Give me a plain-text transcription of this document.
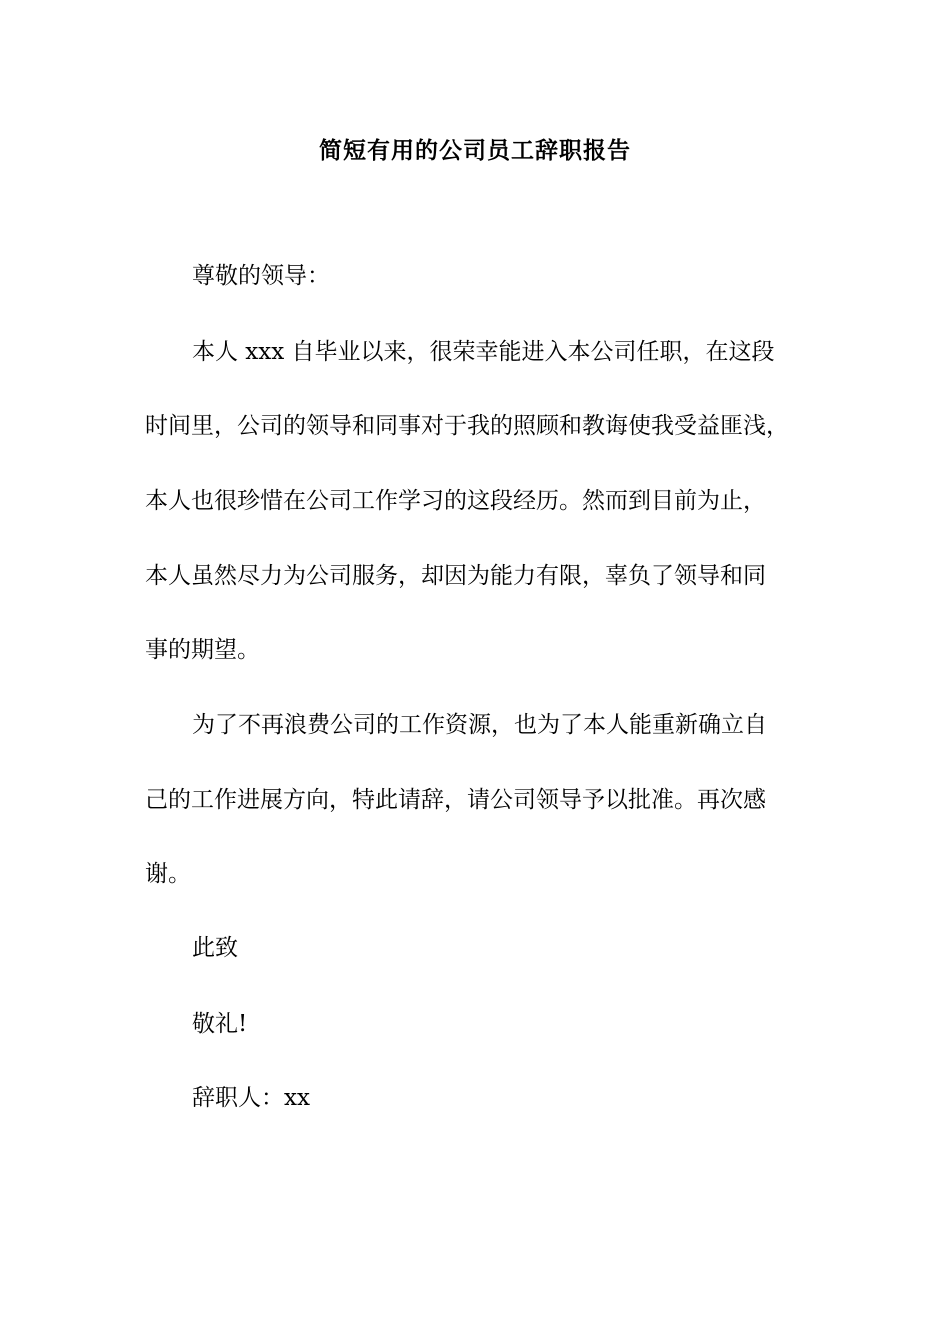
简短有用的公司员工辞职报告

尊敬的领导：

本人 xxx 自毕业以来，很荣幸能进入本公司任职，在这段

时间里，公司的领导和同事对于我的照顾和教诲使我受益匪浅，

本人也很珍惜在公司工作学习的这段经历。然而到目前为止，

本人虽然尽力为公司服务，却因为能力有限，辜负了领导和同

事的期望。

为了不再浪费公司的工作资源，也为了本人能重新确立自

己的工作进展方向，特此请辞，请公司领导予以批准。再次感

谢。

此致

敬礼!

辞职人：xx
